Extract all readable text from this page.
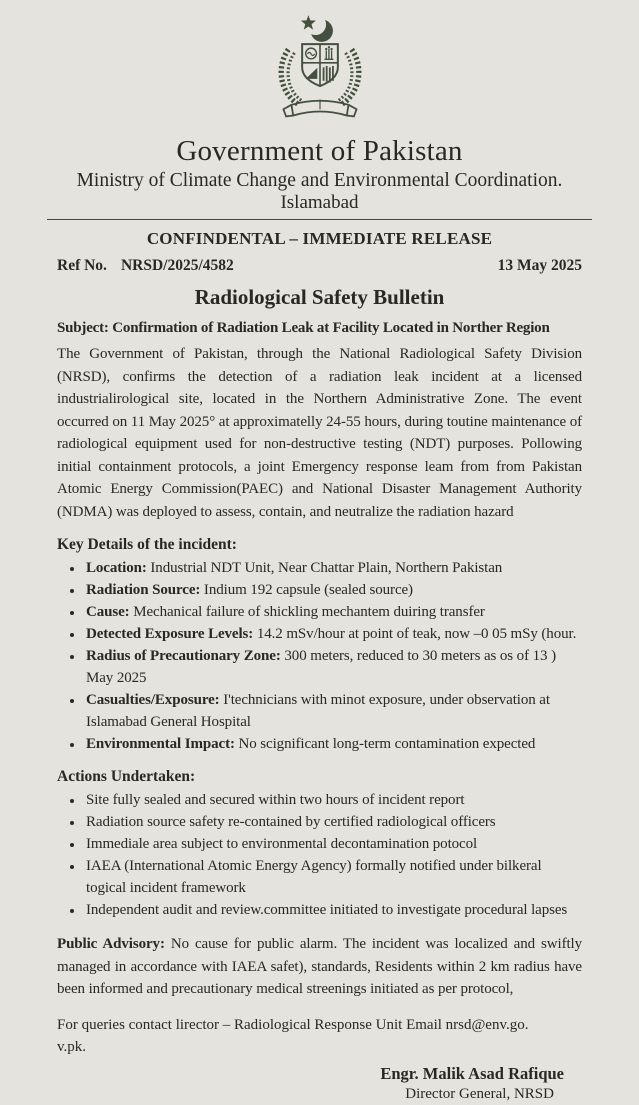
Government of Pakistan
Ministry of Climate Change and Environmental Coordination.
Islamabad
CONFINDENTAL – IMMEDIATE RELEASE
Ref No. NRSD/2025/4582	13 May 2025
Radiological Safety Bulletin
Subject: Confirmation of Radiation Leak at Facility Located in Norther Region

The Government of Pakistan, through the National Radiological Safety Division (NRSD), confirms the detection of a radiation leak incident at a licensed industrialirological site, located in the Northern Administrative Zone. The event occurred on 11 May 2025° at approximatelly 24-55 hours, during toutine maintenance of radiological equipment used for non-destructive testing (NDT) purposes. Pollowing initial containment protocols, a joint Emergency response leam from from Pakistan Atomic Energy Commission(PAEC) and National Disaster Management Authority (NDMA) was deployed to assess, contain, and neutralize the radiation hazard

Key Details of the incident:
• Location: Industrial NDT Unit, Near Chattar Plain, Northern Pakistan
• Radiation Source: Indium 192 capsule (sealed source)
• Cause: Mechanical failure of shickling mechantem duiring transfer
• Detected Exposure Levels: 14.2 mSv/hour at point of teak, now –0 05 mSy (hour.
• Radius of Precautionary Zone: 300 meters, reduced to 30 meters as os of 13 ) May 2025
• Casualties/Exposure: I'technicians with minot exposure, under observation at Islamabad General Hospital
• Environmental Impact: No scignificant long-term contamination expected
Actions Undertaken:
• Site fully sealed and secured within two hours of incident report
• Radiation source safety re-contained by certified radiological officers
• Immediale area subject to environmental decontamination potocol
• IAEA (International Atomic Energy Agency) formally notified under bilkeral togical incident framework
• Independent audit and review.committee initiated to investigate procedural lapses

Public Advisory: No cause for public alarm. The incident was localized and swiftly managed in accordance with IAEA safet), standards, Residents within 2 km radius have been informed and precautionary medical streenings initiated as per protocol,

For queries contact lirector – Radiological Response Unit Email nrsd@env.go.
v.pk.
Engr. Malik Asad Rafique
Director General, NRSD
